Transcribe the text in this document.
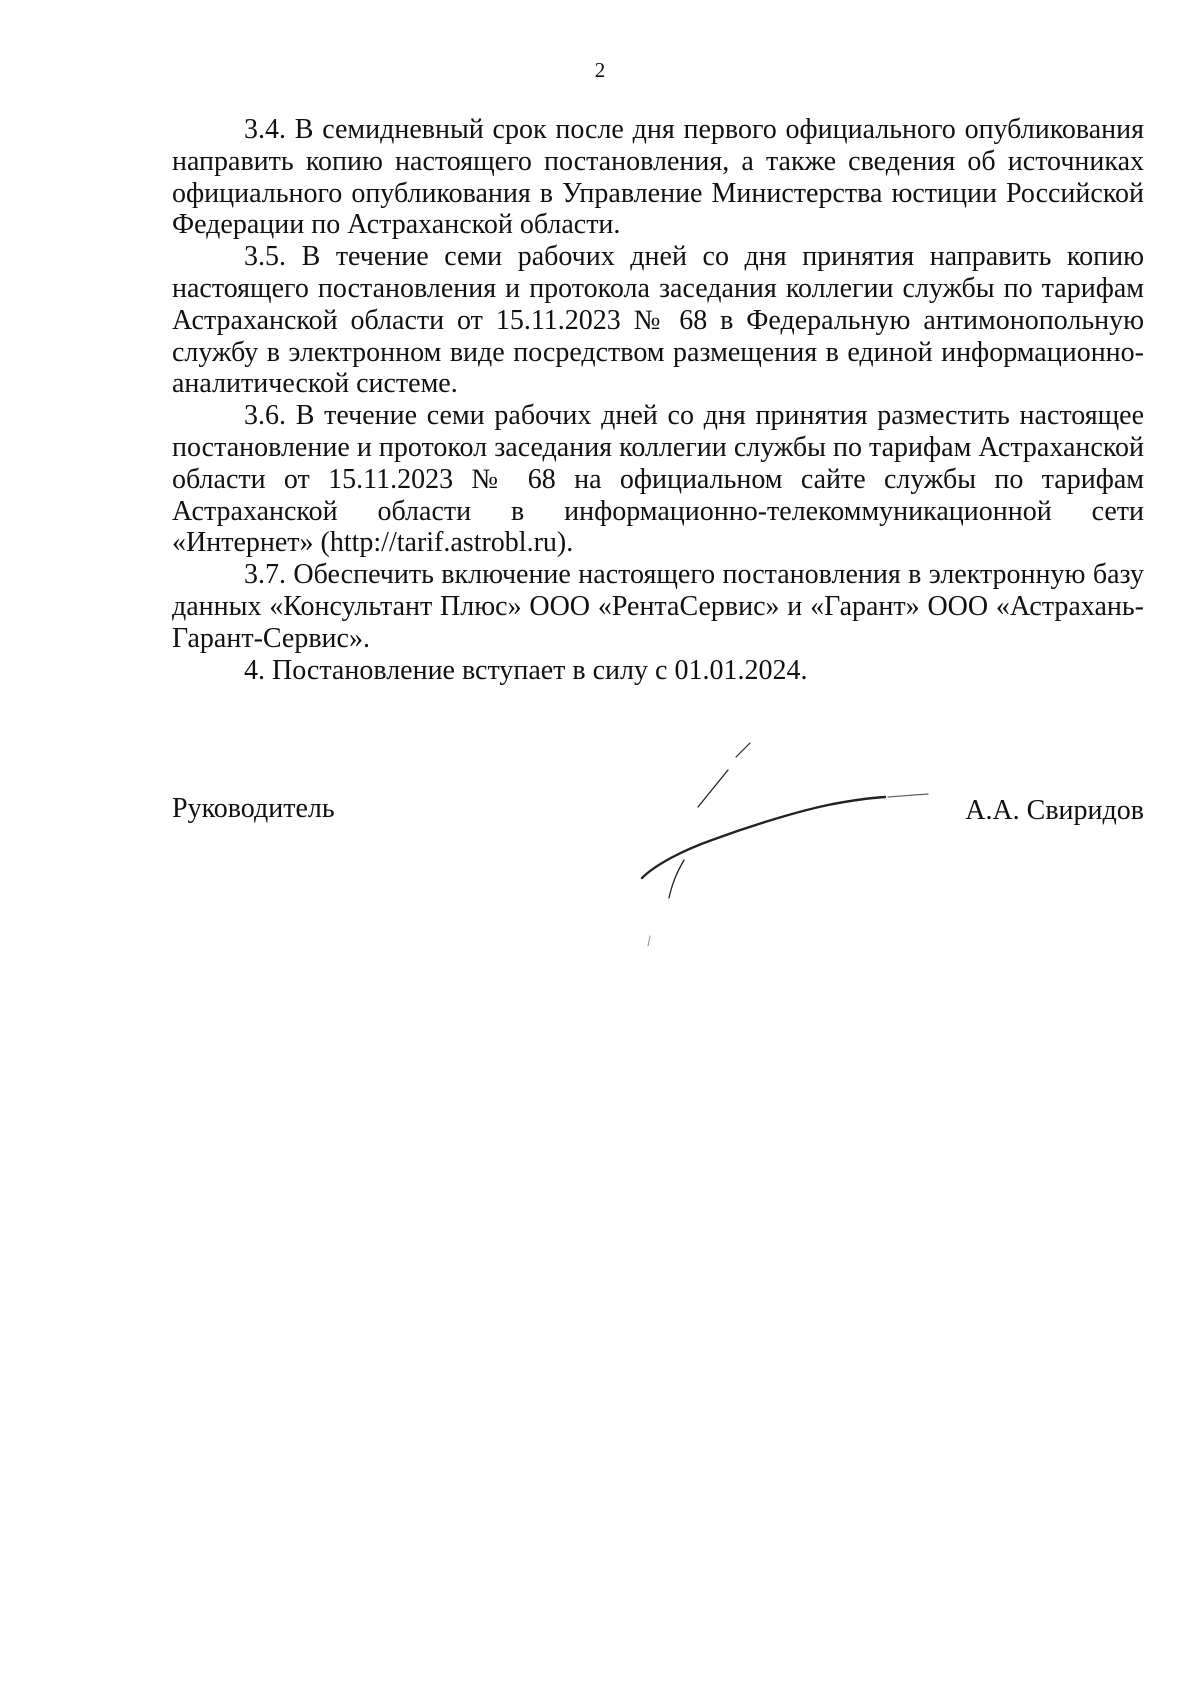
2

3.4. В семидневный срок после дня первого официального опубликования направить копию настоящего постановления, а также сведения об источниках официального опубликования в Управление Министерства юстиции Российской Федерации по Астраханской области.

3.5. В течение семи рабочих дней со дня принятия направить копию настоящего постановления и протокола заседания коллегии службы по тарифам Астраханской области от 15.11.2023 № 68 в Федеральную антимонопольную службу в электронном виде посредством размещения в единой информационно-аналитической системе.

3.6. В течение семи рабочих дней со дня принятия разместить настоящее постановление и протокол заседания коллегии службы по тарифам Астраханской области от 15.11.2023 № 68 на официальном сайте службы по тарифам Астраханской области в информационно-телекоммуникационной сети «Интернет» (http://tarif.astrobl.ru).

3.7. Обеспечить включение настоящего постановления в электронную базу данных «Консультант Плюс» ООО «РентаСервис» и «Гарант» ООО «Астрахань-Гарант-Сервис».

4. Постановление вступает в силу с 01.01.2024.

Руководитель	А.А. Свиридов
